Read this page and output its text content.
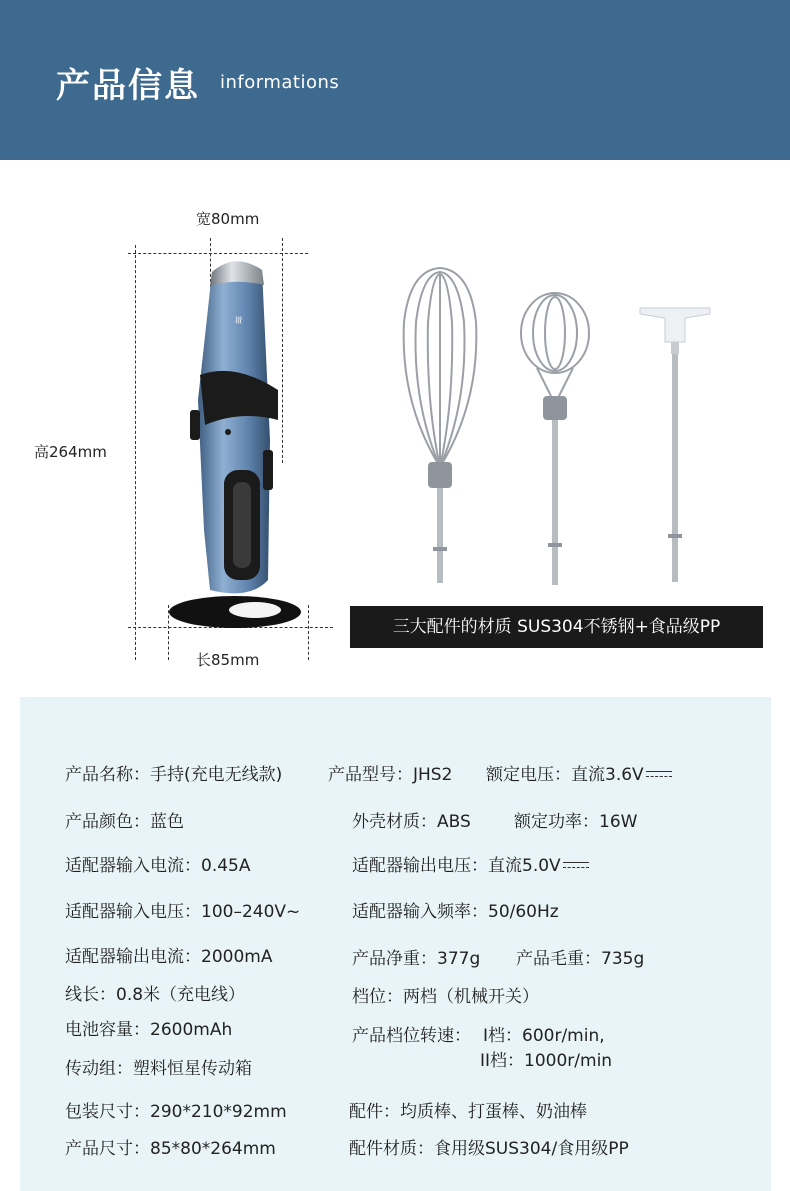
产品信息 informations
宽80mm
高264mm
长85mm
≋
三大配件的材质 SUS304不锈钢+食品级PP
产品名称：手持(充电无线款)	产品型号：JHS2 额定电压：直流3.6V
产品颜色：蓝色	外壳材质：ABS	额定功率：16W
适配器输入电流：0.45A	适配器输出电压：直流5.0V
适配器输入电压：100–240V~	适配器输入频率：50/60Hz
适配器输出电流：2000mA	产品净重：377g 产品毛重：735g
线长：0.8米（充电线）	档位：两档（机械开关）
电池容量：2600mAh	产品档位转速： I档：600r/min,
II档：1000r/min
传动组：塑料恒星传动箱
包装尺寸：290*210*92mm	配件：均质棒、打蛋棒、奶油棒
产品尺寸：85*80*264mm	配件材质：食用级SUS304/食用级PP
